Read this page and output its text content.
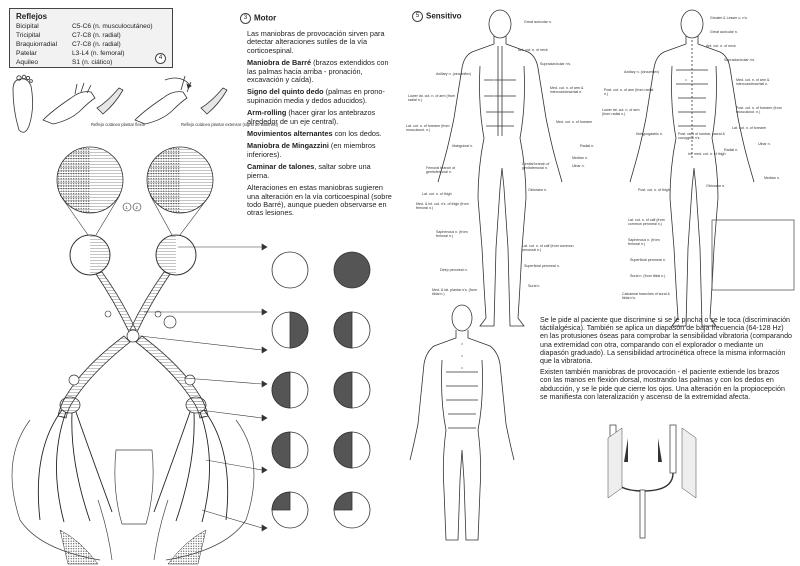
Reflejos
Bicipital	C5-C6 (n. musculocutáneo)
Tricipital	C7-C8 (n. radial)
Braquiorradial C7-C8 (n. radial)
Patelar	L3-L4 (n. femoral)
Aquileo	S1 (n. ciático)
4
Reflejo cutáneo plantar flexor	Reflejo cutáneo plantar extensor (signo de Babinski)
1 2
3 Motor

Las maniobras de provocación sirven para detectar alteraciones sutiles de la vía corticoespinal.

Maniobra de Barré (brazos extendidos con las palmas hacia arriba - pronación, excavación y caída).

Signo del quinto dedo (palmas en prono-supinación media y dedos aducidos).

Arm-rolling (hacer girar los antebrazos alrededor de un eje central).

Movimientos alternantes con los dedos.

Maniobra de Mingazzini (en miembros inferiores).

Caminar de talones, saltar sobre una pierna.

Alteraciones en estas maniobras sugieren una alteración en la vía corticoespinal (sobre todo Barré), aunque pueden observarse en otras lesiones.

5 Sensitivo
Great auricular n.
Ant. cut. n. of neck
Supraclavicular n's.
Axillary n. (circumflex)
Med. cut. n. of arm & intercostobrachial n.
Lower lat. cut. n. of arm (from radial n.)
Med. cut. n. of forearm
Lat. cut. n. of forearm (from musculocut. n.)
Ilioinguinal n.	Radial n.
Median n.
Ulnar n.
Femoral branch of genitofemoral n.
Genital branch of genitofemoral n.
Lat. cut. n. of thigh
Obturator n.
Med. & int. cut. n's. of thigh (from femoral n.)
Saphenous n. (from femoral n.)
Lat. cut. n. of calf (from common peroneal n.)
Superficial peroneal n.
Deep peroneal n.
Sural n.
Med. & lat. plantar n's. (from tibial n.)
Greater & Lesser o. n's.
Great auricular n.
Ant. cut. n. of neck
Supraclavicular n's.
Axillary n. (circumflex)
Post. cut. n. of arm (from radial n.)
Med. cut. n. of arm & intercostobrachial n.
Post. cut. n. of forearm (from musculocut. n.)
Lower lat. cut. n. of arm (from radial n.)
Lat. cut. n. of forearm
Iliohypogastric n.	Post. rami of lumbar, sacral & coccygeal n's.
Int. med. cut. n. of thigh
Radial n.
Ulnar n.
Median n.
Post. cut. n. of thigh
Obturator n.
Lat. cut. n. of calf (from common peroneal n.)
Saphenous n. (from femoral n.)
Superficial peroneal n.
Sural n. (from tibial n.)
Calcaneal branches of sural & tibial n's.

Se le pide al paciente que discrimine si se le pincha o se le toca (discriminación táctilalgésica). También se aplica un diapasón de baja frecuencia (64-128 Hz) en las protusiones óseas para comprobar la sensibilidad vibratoria (comparando una extremidad con otra, comparando con el explorador o mediante un diapasón graduado). La sensibilidad artrocinética ofrece la misma información que la vibratoria.

Existen también maniobras de provocación - el paciente extiende los brazos con las manos en flexión dorsal, mostrando las palmas y con los dedos en abducción, y se le pide que cierre los ojos. Una alteración en la propiocepción se manifiesta con lateralización y ascenso de la extremidad afecta.
